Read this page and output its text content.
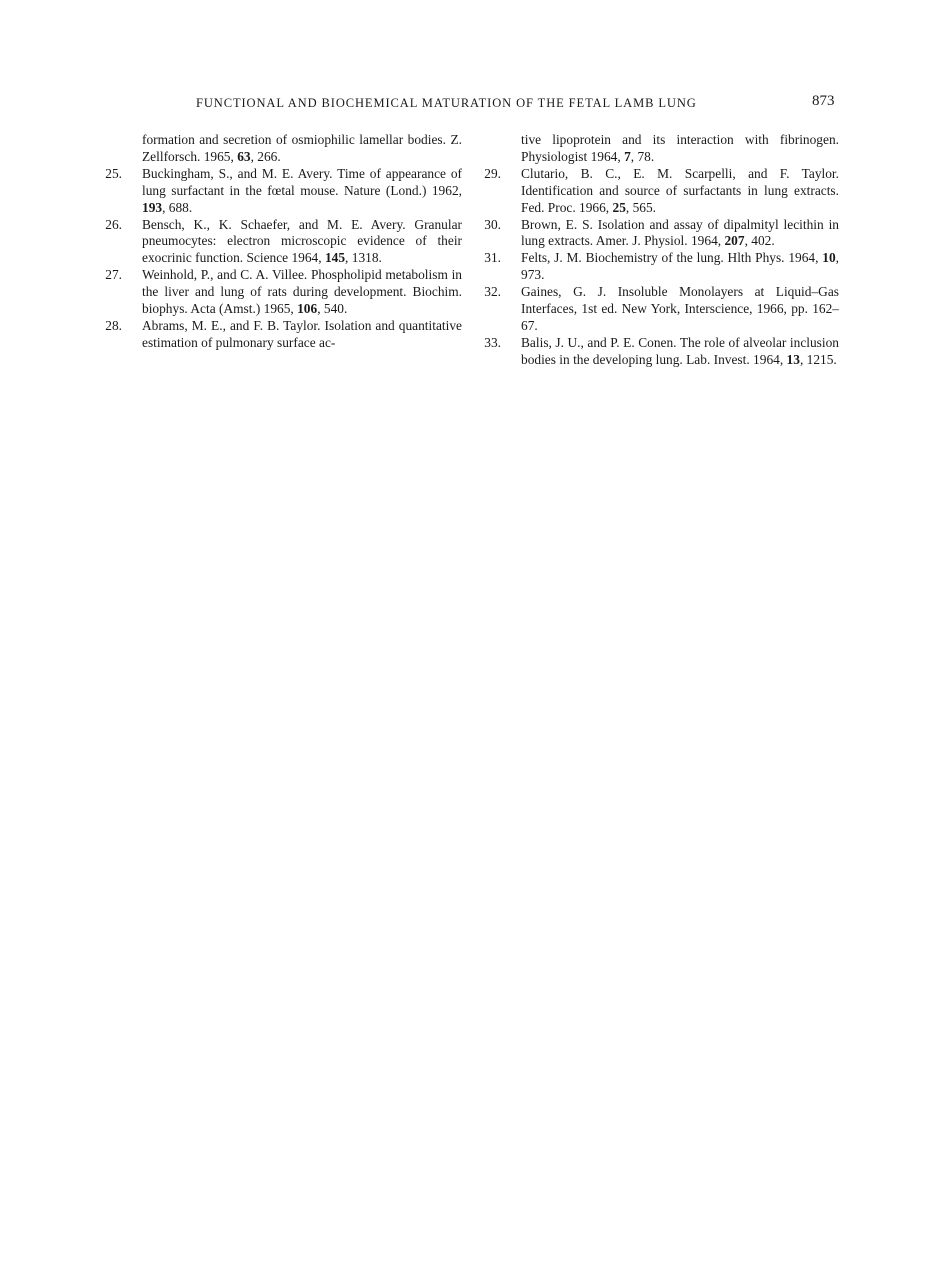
FUNCTIONAL AND BIOCHEMICAL MATURATION OF THE FETAL LAMB LUNG	873

formation and secretion of osmiophilic lamellar bodies. Z. Zellforsch. 1965, 63, 266.

25. Buckingham, S., and M. E. Avery. Time of appearance of lung surfactant in the fœtal mouse. Nature (Lond.) 1962, 193, 688.

26. Bensch, K., K. Schaefer, and M. E. Avery. Granular pneumocytes: electron microscopic evidence of their exocrinic function. Science 1964, 145, 1318.

27. Weinhold, P., and C. A. Villee. Phospholipid metabolism in the liver and lung of rats during development. Biochim. biophys. Acta (Amst.) 1965, 106, 540.

28. Abrams, M. E., and F. B. Taylor. Isolation and quantitative estimation of pulmonary surface ac-

tive lipoprotein and its interaction with fibrinogen. Physiologist 1964, 7, 78.

29. Clutario, B. C., E. M. Scarpelli, and F. Taylor. Identification and source of surfactants in lung extracts. Fed. Proc. 1966, 25, 565.

30. Brown, E. S. Isolation and assay of dipalmityl lecithin in lung extracts. Amer. J. Physiol. 1964, 207, 402.

31. Felts, J. M. Biochemistry of the lung. Hlth Phys. 1964, 10, 973.

32. Gaines, G. J. Insoluble Monolayers at Liquid–Gas Interfaces, 1st ed. New York, Interscience, 1966, pp. 162–67.

33. Balis, J. U., and P. E. Conen. The role of alveolar inclusion bodies in the developing lung. Lab. Invest. 1964, 13, 1215.
